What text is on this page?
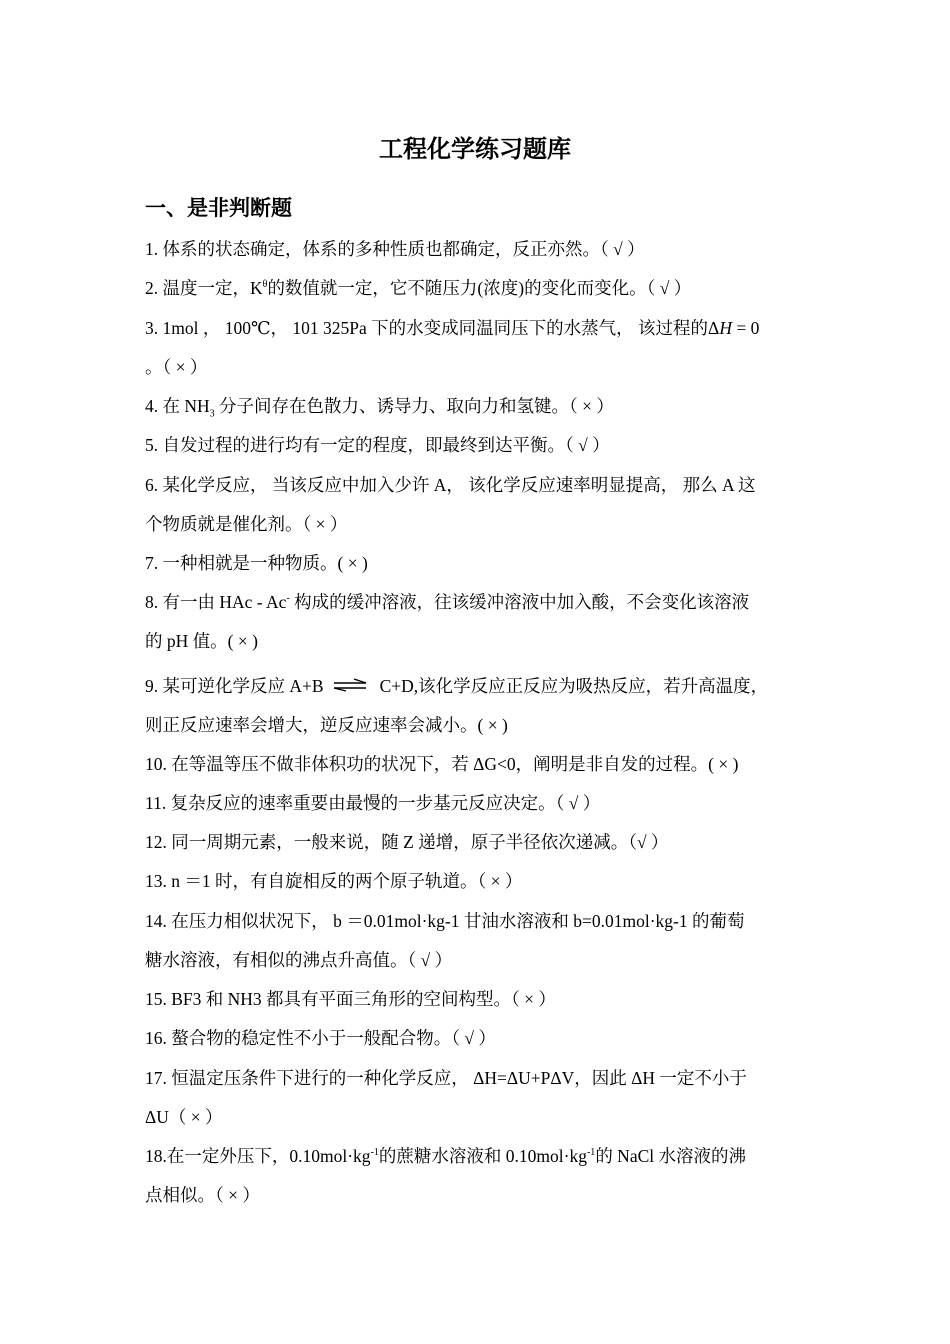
工程化学练习题库
一、是非判断题
1. 体系的状态确定，体系的多种性质也都确定，反正亦然。（ √ ）
2. 温度一定，$K^\theta$的数值就一定，它不随压力(浓度)的变化而变化。（ √ ）
3. 1mol ， 100℃， 101 325Pa 下的水变成同温同压下的水蒸气， 该过程的ΔH = 0
。（ × ）
4. 在 $NH_3$ 分子间存在色散力、诱导力、取向力和氢键。（ × ）
5. 自发过程的进行均有一定的程度，即最终到达平衡。（ √ ）
6. 某化学反应， 当该反应中加入少许 A， 该化学反应速率明显提高， 那么 A 这
个物质就是催化剂。（ × ）
7. 一种相就是一种物质。( × )
8. 有一由 HAc - Ac- 构成的缓冲溶液，往该缓冲溶液中加入酸，不会变化该溶液
的 pH 值。( × )
9. 某可逆化学反应 A+B ⇌ C+D,该化学反应正反应为吸热反应，若升高温度，
则正反应速率会增大，逆反应速率会减小。( × )
10. 在等温等压不做非体积功的状况下，若 ΔG<0，阐明是非自发的过程。( × )
11. 复杂反应的速率重要由最慢的一步基元反应决定。（ √ ）
12. 同一周期元素，一般来说，随 Z 递增，原子半径依次递减。（√ ）
13. n ＝1 时，有自旋相反的两个原子轨道。（ × ）
14. 在压力相似状况下， b ＝0.01mol·kg-1 甘油水溶液和 b=0.01mol·kg-1 的葡萄
糖水溶液，有相似的沸点升高值。（ √ ）
15. BF3 和 NH3 都具有平面三角形的空间构型。（ × ）
16. 螯合物的稳定性不小于一般配合物。（ √ ）
17. 恒温定压条件下进行的一种化学反应， ΔH=ΔU+PΔV，因此 ΔH 一定不小于
ΔU（ × ）
18.在一定外压下，$0.10mol\cdot kg^{-1}$的蔗糖水溶液和 $0.10mol\cdot kg^{-1}$的 NaCl 水溶液的沸
点相似。（ × ）
